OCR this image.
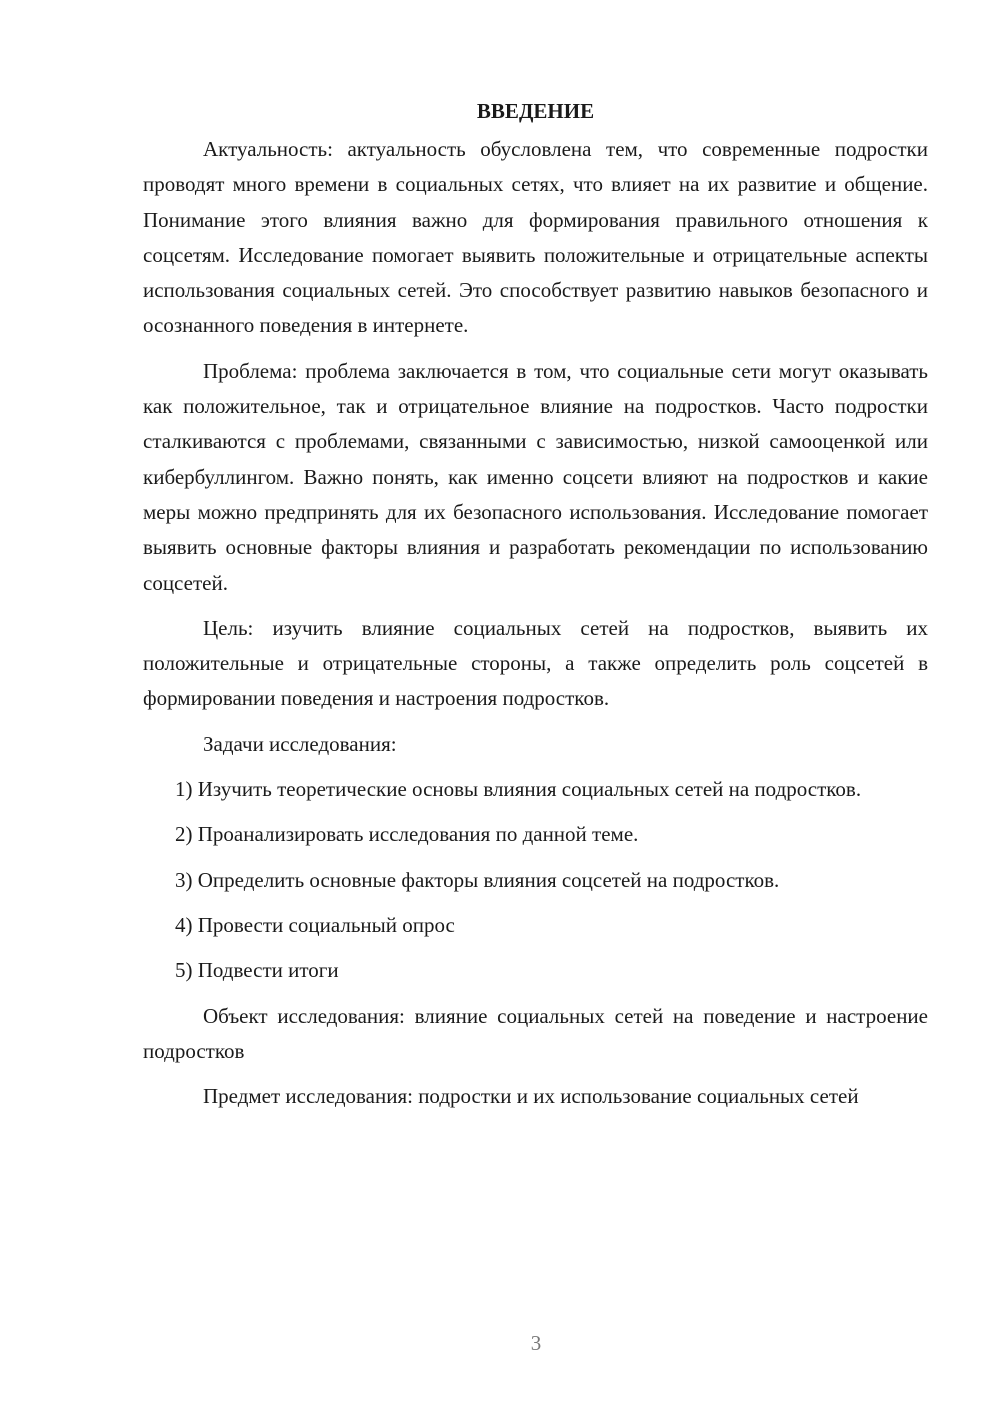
ВВЕДЕНИЕ

Актуальность: актуальность обусловлена тем, что современные подростки проводят много времени в социальных сетях, что влияет на их развитие и общение. Понимание этого влияния важно для формирования правильного отношения к соцсетям. Исследование помогает выявить положительные и отрицательные аспекты использования социальных сетей. Это способствует развитию навыков безопасного и осознанного поведения в интернете.

Проблема: проблема заключается в том, что социальные сети могут оказывать как положительное, так и отрицательное влияние на подростков. Часто подростки сталкиваются с проблемами, связанными с зависимостью, низкой самооценкой или кибербуллингом. Важно понять, как именно соцсети влияют на подростков и какие меры можно предпринять для их безопасного использования. Исследование помогает выявить основные факторы влияния и разработать рекомендации по использованию соцсетей.

Цель: изучить влияние социальных сетей на подростков, выявить их положительные и отрицательные стороны, а также определить роль соцсетей в формировании поведения и настроения подростков.

Задачи исследования:

1) Изучить теоретические основы влияния социальных сетей на подростков.

2) Проанализировать исследования по данной теме.

3) Определить основные факторы влияния соцсетей на подростков.

4) Провести социальный опрос

5) Подвести итоги

Объект исследования: влияние социальных сетей на поведение и настроение подростков

Предмет исследования: подростки и их использование социальных сетей

3
